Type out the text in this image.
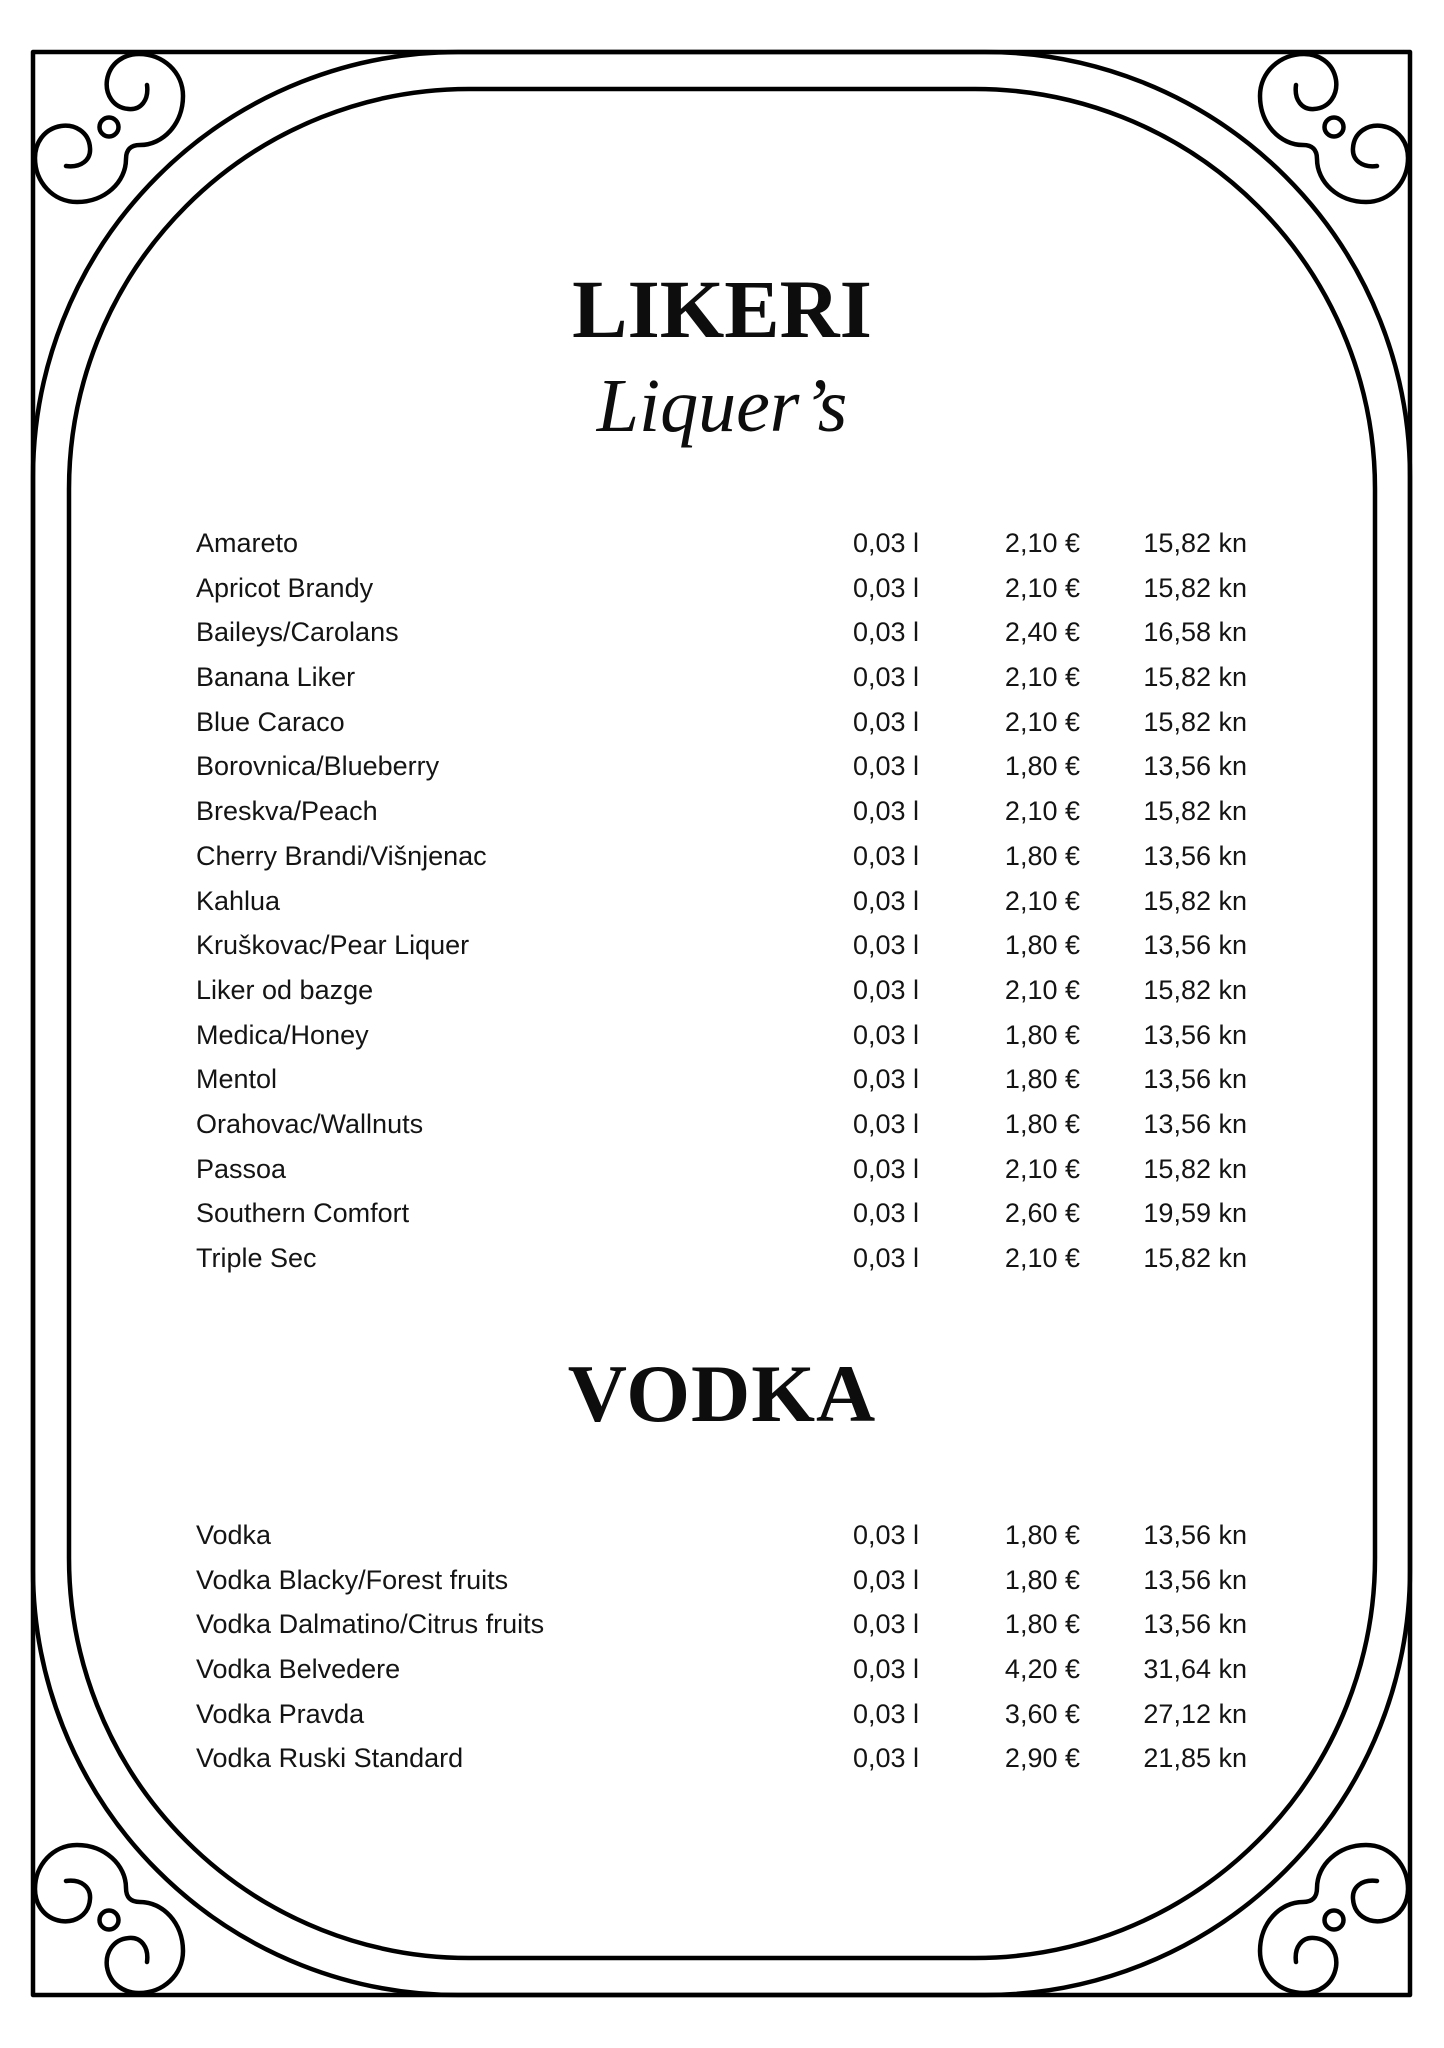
LIKERI
Liquer’s
Amareto	0,03 l	2,10 € 15,82 kn
Apricot Brandy	0,03 l	2,10 € 15,82 kn
Baileys/Carolans	0,03 l	2,40 € 16,58 kn
Banana Liker	0,03 l	2,10 € 15,82 kn
Blue Caraco	0,03 l	2,10 € 15,82 kn
Borovnica/Blueberry	0,03 l	1,80 € 13,56 kn
Breskva/Peach	0,03 l	2,10 € 15,82 kn
Cherry Brandi/Višnjenac	0,03 l	1,80 € 13,56 kn
Kahlua	0,03 l	2,10 € 15,82 kn
Kruškovac/Pear Liquer	0,03 l	1,80 € 13,56 kn
Liker od bazge	0,03 l	2,10 € 15,82 kn
Medica/Honey	0,03 l	1,80 € 13,56 kn
Mentol	0,03 l	1,80 € 13,56 kn
Orahovac/Wallnuts	0,03 l	1,80 € 13,56 kn
Passoa	0,03 l	2,10 € 15,82 kn
Southern Comfort	0,03 l	2,60 € 19,59 kn
Triple Sec	0,03 l	2,10 € 15,82 kn
VODKA
Vodka	0,03 l	1,80 € 13,56 kn
Vodka Blacky/Forest fruits	0,03 l	1,80 € 13,56 kn
Vodka Dalmatino/Citrus fruits	0,03 l	1,80 € 13,56 kn
Vodka Belvedere	0,03 l	4,20 € 31,64 kn
Vodka Pravda	0,03 l	3,60 € 27,12 kn
Vodka Ruski Standard	0,03 l	2,90 € 21,85 kn
